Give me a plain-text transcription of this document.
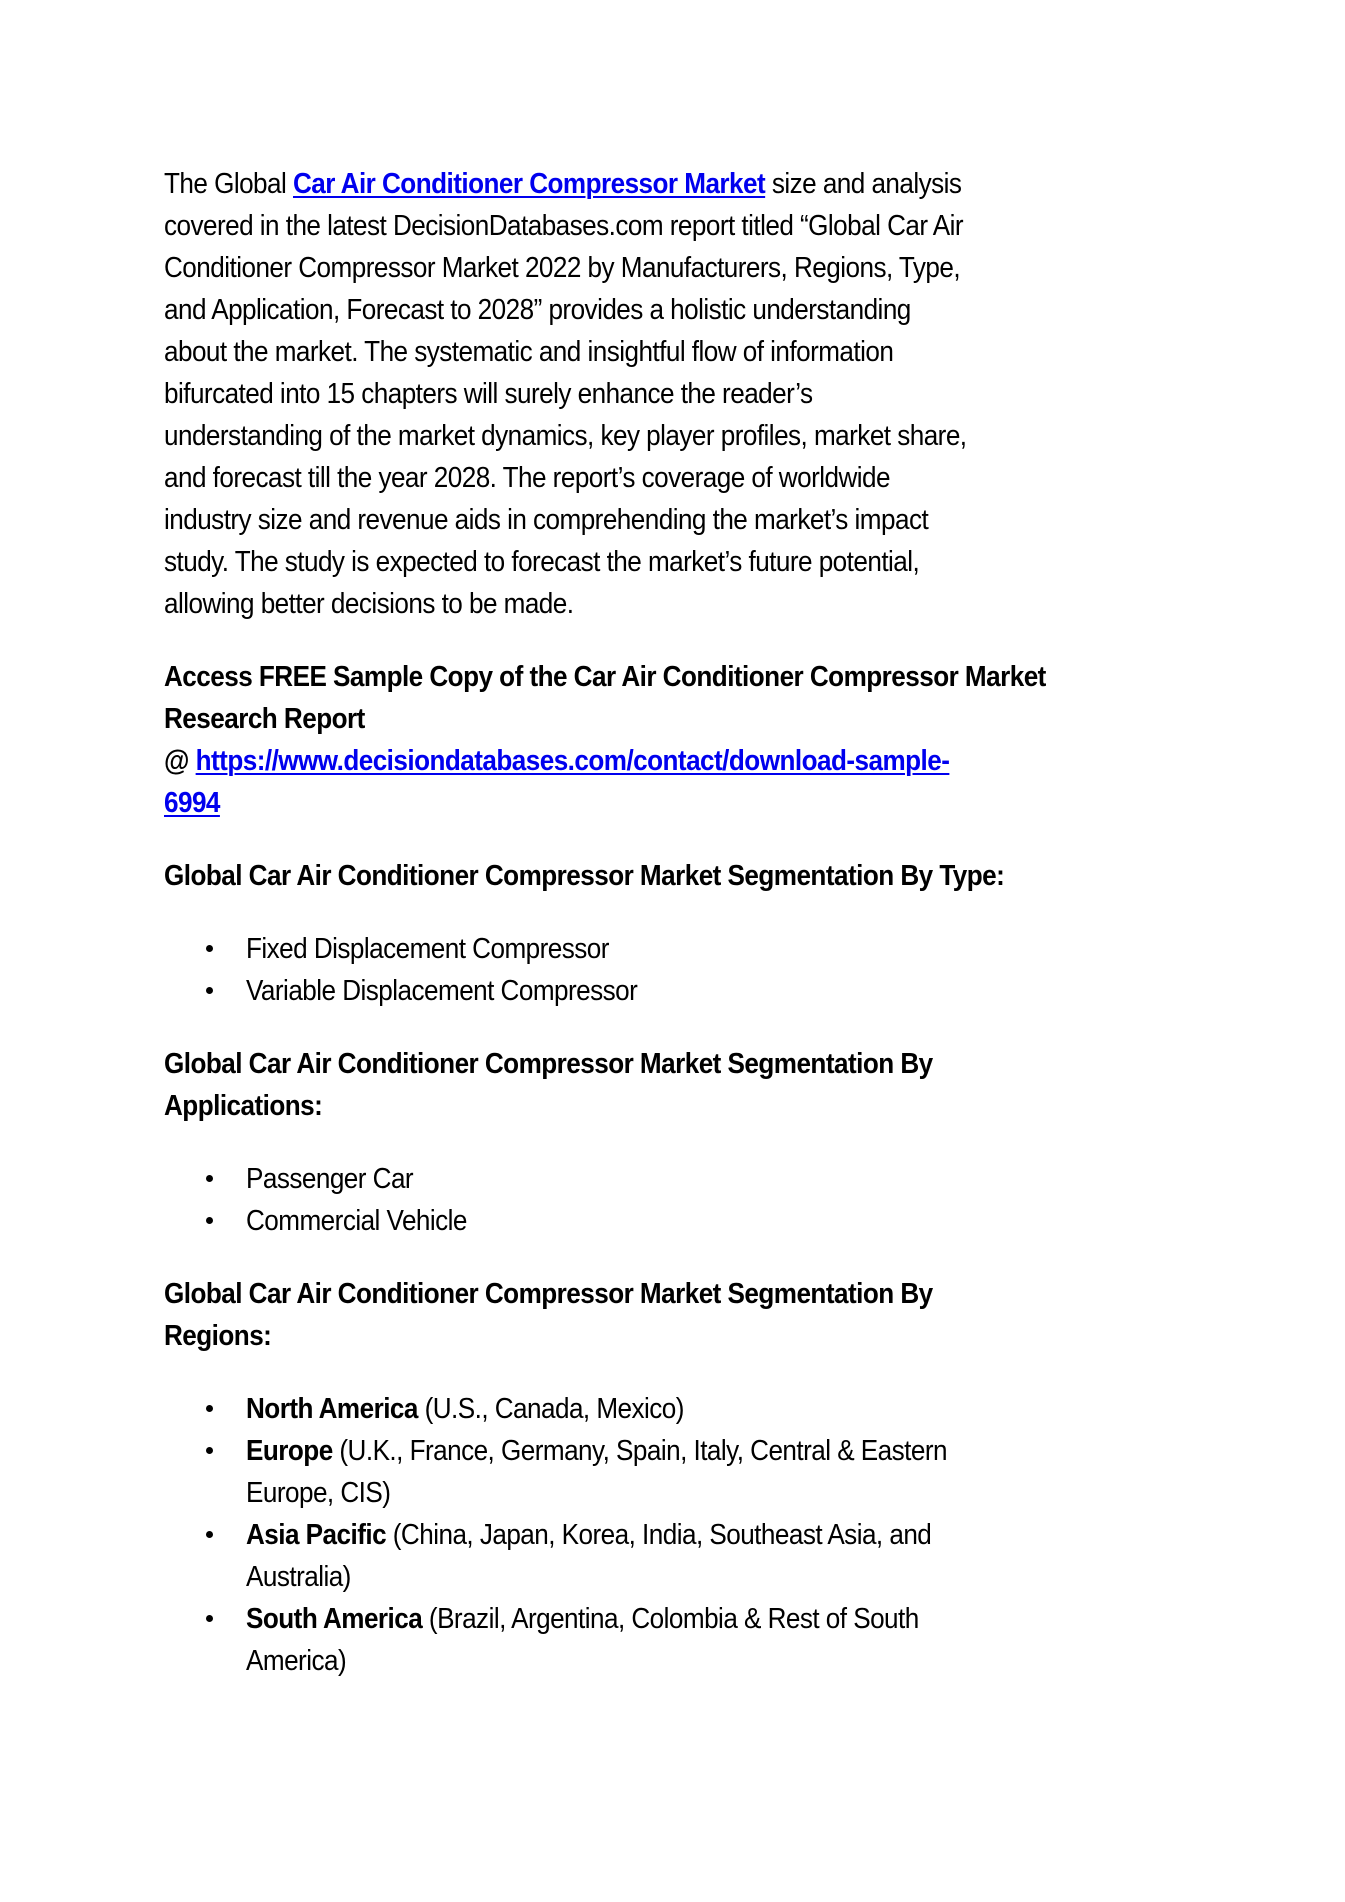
The Global Car Air Conditioner Compressor Market size and analysis
covered in the latest DecisionDatabases.com report titled “Global Car Air
Conditioner Compressor Market 2022 by Manufacturers, Regions, Type,
and Application, Forecast to 2028” provides a holistic understanding
about the market. The systematic and insightful flow of information
bifurcated into 15 chapters will surely enhance the reader’s
understanding of the market dynamics, key player profiles, market share,
and forecast till the year 2028. The report’s coverage of worldwide
industry size and revenue aids in comprehending the market’s impact
study. The study is expected to forecast the market’s future potential,
allowing better decisions to be made.
Access FREE Sample Copy of the Car Air Conditioner Compressor Market
Research Report
@ https://www.decisiondatabases.com/contact/download-sample-
6994
Global Car Air Conditioner Compressor Market Segmentation By Type:
Fixed Displacement Compressor
Variable Displacement Compressor
Global Car Air Conditioner Compressor Market Segmentation By
Applications:
Passenger Car
Commercial Vehicle
Global Car Air Conditioner Compressor Market Segmentation By
Regions:
North America (U.S., Canada, Mexico)
Europe (U.K., France, Germany, Spain, Italy, Central & Eastern
Europe, CIS)
Asia Pacific (China, Japan, Korea, India, Southeast Asia, and
Australia)
South America (Brazil, Argentina, Colombia & Rest of South
America)
